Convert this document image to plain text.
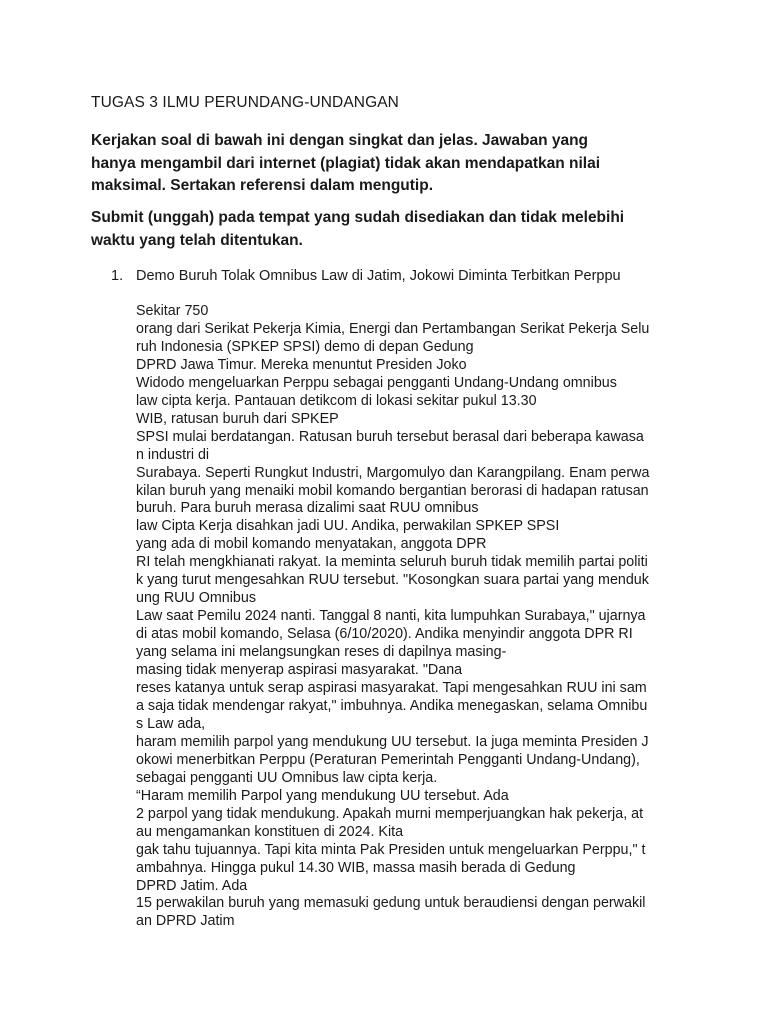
TUGAS 3 ILMU PERUNDANG-UNDANGAN

Kerjakan soal di bawah ini dengan singkat dan jelas. Jawaban yang
hanya mengambil dari internet (plagiat) tidak akan mendapatkan nilai
maksimal. Sertakan referensi dalam mengutip.

Submit (unggah) pada tempat yang sudah disediakan dan tidak melebihi
waktu yang telah ditentukan.

1. Demo Buruh Tolak Omnibus Law di Jatim, Jokowi Diminta Terbitkan Perppu
Sekitar 750
orang dari Serikat Pekerja Kimia, Energi dan Pertambangan Serikat Pekerja Selu
ruh Indonesia (SPKEP SPSI) demo di depan Gedung
DPRD Jawa Timur. Mereka menuntut Presiden Joko
Widodo mengeluarkan Perppu sebagai pengganti Undang-Undang omnibus
law cipta kerja. Pantauan detikcom di lokasi sekitar pukul 13.30
WIB, ratusan buruh dari SPKEP
SPSI mulai berdatangan. Ratusan buruh tersebut berasal dari beberapa kawasa
n industri di
Surabaya. Seperti Rungkut Industri, Margomulyo dan Karangpilang. Enam perwa
kilan buruh yang menaiki mobil komando bergantian berorasi di hadapan ratusan
buruh. Para buruh merasa dizalimi saat RUU omnibus
law Cipta Kerja disahkan jadi UU. Andika, perwakilan SPKEP SPSI
yang ada di mobil komando menyatakan, anggota DPR
RI telah mengkhianati rakyat. Ia meminta seluruh buruh tidak memilih partai politi
k yang turut mengesahkan RUU tersebut. "Kosongkan suara partai yang menduk
ung RUU Omnibus
Law saat Pemilu 2024 nanti. Tanggal 8 nanti, kita lumpuhkan Surabaya," ujarnya
di atas mobil komando, Selasa (6/10/2020). Andika menyindir anggota DPR RI
yang selama ini melangsungkan reses di dapilnya masing-
masing tidak menyerap aspirasi masyarakat. "Dana
reses katanya untuk serap aspirasi masyarakat. Tapi mengesahkan RUU ini sam
a saja tidak mendengar rakyat," imbuhnya. Andika menegaskan, selama Omnibu
s Law ada,
haram memilih parpol yang mendukung UU tersebut. Ia juga meminta Presiden J
okowi menerbitkan Perppu (Peraturan Pemerintah Pengganti Undang-Undang),
sebagai pengganti UU Omnibus law cipta kerja.
“Haram memilih Parpol yang mendukung UU tersebut. Ada
2 parpol yang tidak mendukung. Apakah murni memperjuangkan hak pekerja, at
au mengamankan konstituen di 2024. Kita
gak tahu tujuannya. Tapi kita minta Pak Presiden untuk mengeluarkan Perppu," t
ambahnya. Hingga pukul 14.30 WIB, massa masih berada di Gedung
DPRD Jatim. Ada
15 perwakilan buruh yang memasuki gedung untuk beraudiensi dengan perwakil
an DPRD Jatim
